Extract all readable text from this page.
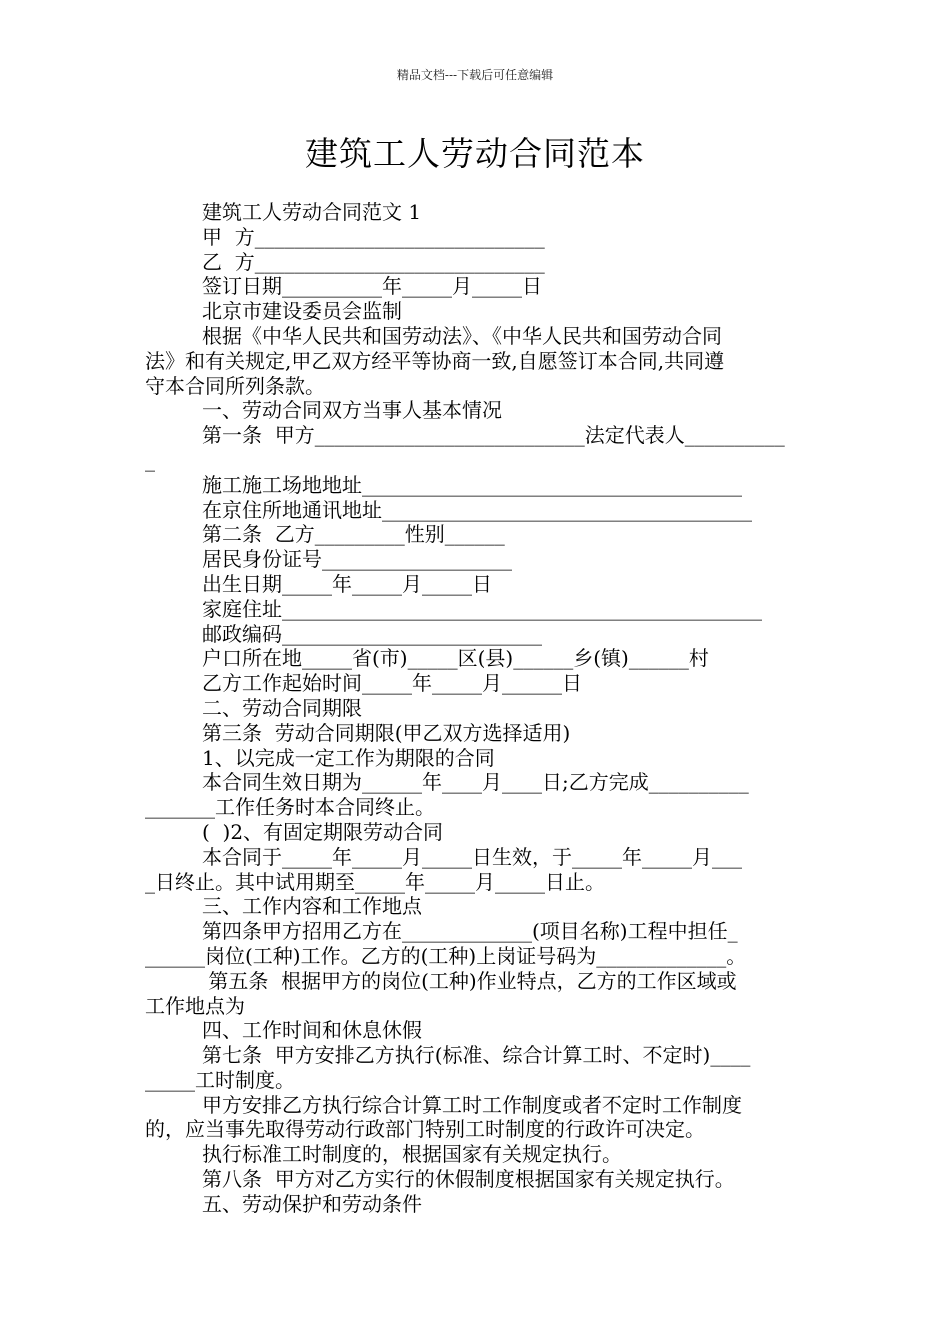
精品文档---下载后可任意编辑
建筑工人劳动合同范本
建筑工人劳动合同范文 1
甲  方_____________________________
乙  方_____________________________
签订日期__________年_____月_____日
北京市建设委员会监制
根据《中华人民共和国劳动法》、《中华人民共和国劳动合同
法》和有关规定,甲乙双方经平等协商一致,自愿签订本合同,共同遵
守本合同所列条款。
一、劳动合同双方当事人基本情况
第一条  甲方___________________________法定代表人__________
_
施工施工场地地址______________________________________
在京住所地通讯地址_____________________________________
第二条  乙方_________性别______
居民身份证号___________________
出生日期_____年_____月_____日
家庭住址________________________________________________
邮政编码__________________________
户口所在地_____省(市)_____区(县)______乡(镇)______村
乙方工作起始时间_____年_____月______日
二、劳动合同期限
第三条  劳动合同期限(甲乙双方选择适用)
1、以完成一定工作为期限的合同
本合同生效日期为______年____月____日;乙方完成__________
_______工作任务时本合同终止。
(  )2、有固定期限劳动合同
本合同于_____年_____月_____日生效，于_____年_____月___
_日终止。其中试用期至_____年_____月_____日止。
三、工作内容和工作地点
第四条甲方招用乙方在_____________(项目名称)工程中担任_
______岗位(工种)工作。乙方的(工种)上岗证号码为_____________。
第五条  根据甲方的岗位(工种)作业特点，乙方的工作区域或
工作地点为
四、工作时间和休息休假
第七条  甲方安排乙方执行(标准、综合计算工时、不定时)____
_____工时制度。
甲方安排乙方执行综合计算工时工作制度或者不定时工作制度
的，应当事先取得劳动行政部门特别工时制度的行政许可决定。
执行标准工时制度的，根据国家有关规定执行。
第八条  甲方对乙方实行的休假制度根据国家有关规定执行。
五、劳动保护和劳动条件
